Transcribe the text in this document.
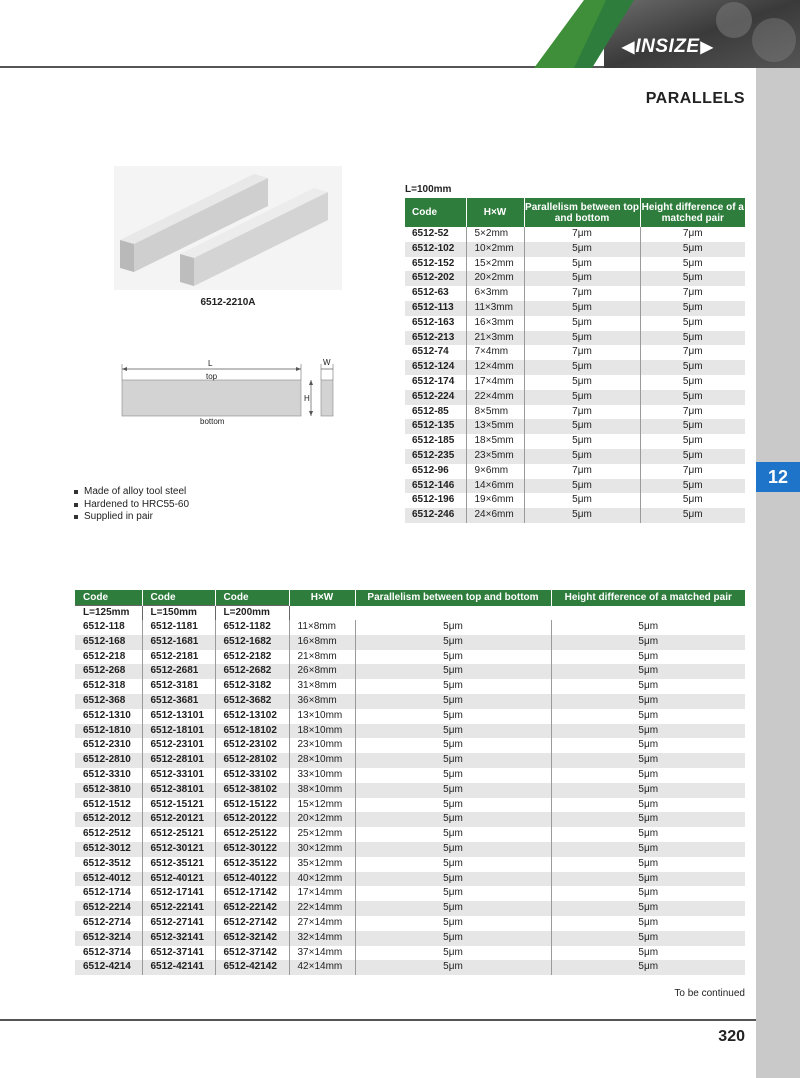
12
◀ INSIZE ▶
PARALLELS
6512-2210A
L
top
bottom
W
H
Made of alloy tool steel
Hardened to HRC55-60
Supplied in pair
L=100mm
Code	H×W	Parallelism between top and bottom	Height difference of a matched pair
6512-52	5×2mm	7μm	7μm
6512-102	10×2mm	5μm	5μm
6512-152	15×2mm	5μm	5μm
6512-202	20×2mm	5μm	5μm
6512-63	6×3mm	7μm	7μm
6512-113	11×3mm	5μm	5μm
6512-163	16×3mm	5μm	5μm
6512-213	21×3mm	5μm	5μm
6512-74	7×4mm	7μm	7μm
6512-124	12×4mm	5μm	5μm
6512-174	17×4mm	5μm	5μm
6512-224	22×4mm	5μm	5μm
6512-85	8×5mm	7μm	7μm
6512-135	13×5mm	5μm	5μm
6512-185	18×5mm	5μm	5μm
6512-235	23×5mm	5μm	5μm
6512-96	9×6mm	7μm	7μm
6512-146	14×6mm	5μm	5μm
6512-196	19×6mm	5μm	5μm
6512-246	24×6mm	5μm	5μm
L=125mm	L=150mm	L=200mm			
Code	Code	Code	H×W	Parallelism between top and bottom	Height difference of a matched pair
6512-118	6512-1181	6512-1182	11×8mm	5μm	5μm
6512-168	6512-1681	6512-1682	16×8mm	5μm	5μm
6512-218	6512-2181	6512-2182	21×8mm	5μm	5μm
6512-268	6512-2681	6512-2682	26×8mm	5μm	5μm
6512-318	6512-3181	6512-3182	31×8mm	5μm	5μm
6512-368	6512-3681	6512-3682	36×8mm	5μm	5μm
6512-1310	6512-13101	6512-13102	13×10mm	5μm	5μm
6512-1810	6512-18101	6512-18102	18×10mm	5μm	5μm
6512-2310	6512-23101	6512-23102	23×10mm	5μm	5μm
6512-2810	6512-28101	6512-28102	28×10mm	5μm	5μm
6512-3310	6512-33101	6512-33102	33×10mm	5μm	5μm
6512-3810	6512-38101	6512-38102	38×10mm	5μm	5μm
6512-1512	6512-15121	6512-15122	15×12mm	5μm	5μm
6512-2012	6512-20121	6512-20122	20×12mm	5μm	5μm
6512-2512	6512-25121	6512-25122	25×12mm	5μm	5μm
6512-3012	6512-30121	6512-30122	30×12mm	5μm	5μm
6512-3512	6512-35121	6512-35122	35×12mm	5μm	5μm
6512-4012	6512-40121	6512-40122	40×12mm	5μm	5μm
6512-1714	6512-17141	6512-17142	17×14mm	5μm	5μm
6512-2214	6512-22141	6512-22142	22×14mm	5μm	5μm
6512-2714	6512-27141	6512-27142	27×14mm	5μm	5μm
6512-3214	6512-32141	6512-32142	32×14mm	5μm	5μm
6512-3714	6512-37141	6512-37142	37×14mm	5μm	5μm
6512-4214	6512-42141	6512-42142	42×14mm	5μm	5μm
To be continued
320
